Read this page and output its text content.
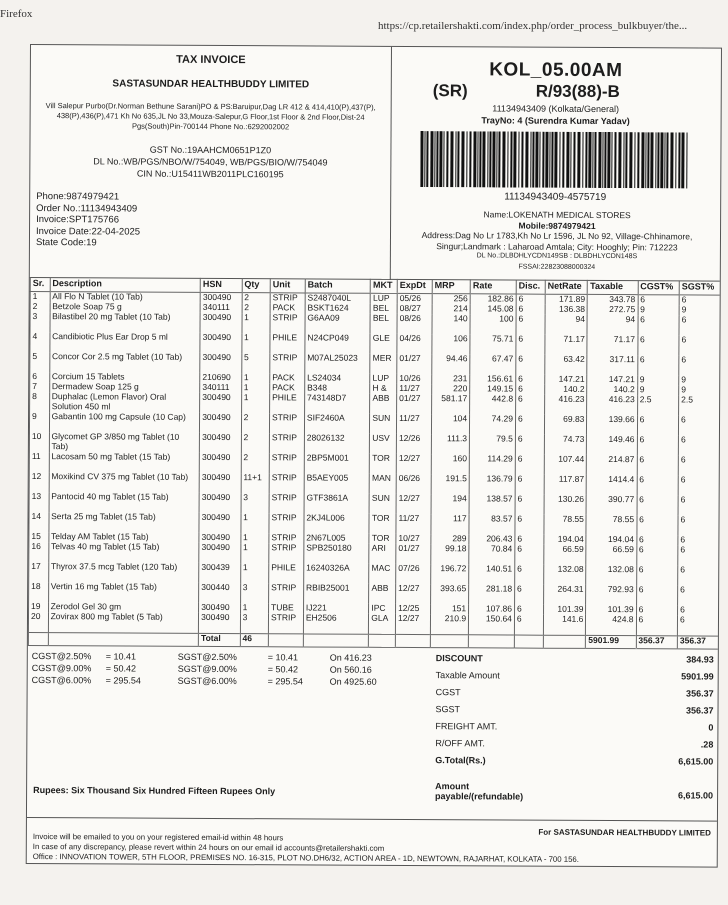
Firefox
https://cp.retailershakti.com/index.php/order_process_bulkbuyer/the...
TAX INVOICE
SASTASUNDAR HEALTHBUDDY LIMITED
Vill Salepur Purbo(Dr.Norman Bethune Sarani)PO & PS:Baruipur,Dag LR 412 & 414,410(P),437(P), 438(P),436(P),471 Kh No 635,JL No 33,Mouza-Salepur,G Floor,1st Floor & 2nd Floor,Dist-24 Pgs(South)Pin-700144 Phone No.:6292002002
GST No.:19AAHCM0651P1Z0
DL No.:WB/PGS/NBO/W/754049, WB/PGS/BIO/W/754049
CIN No.:U15411WB2011PLC160195
Phone:9874979421
Order No.:11134943409
Invoice:SPT175766
Invoice Date:22-04-2025
State Code:19
KOL_05.00AM
(SR)	R/93(88)-B
11134943409 (Kolkata/General)
TrayNo: 4 (Surendra Kumar Yadav)
11134943409-4575719
Name:LOKENATH MEDICAL STORES
Mobile:9874979421
Address:Dag No Lr 1783,Kh No Lr 1596, JL No 92, Village-Chhinamore, Singur;Landmark : Laharoad Amtala; City: Hooghly; Pin: 712223
DL No.:DLBDHLYCDN149SB : DLBDHLYCDN148S
FSSAI:22823088000324
Sr.	Description	HSN	Qty	Unit	Batch	MKT	ExpDt	MRP	Rate	Disc.	NetRate	Taxable	CGST%	SGST%
1	All Flo N Tablet (10 Tab)	300490	2	STRIP	S2487040L	LUP	05/26	256	182.86	6	171.89	343.78	6	6
2	Betzole Soap 75 g	340111	2	PACK	BSKT1624	BEL	08/27	214	145.08	6	136.38	272.75	9	9
3	Bilastibel 20 mg Tablet (10 Tab)	300490	1	STRIP	G6AA09	BEL	08/26	140	100	6	94	94	6	6
4	Candibiotic Plus Ear Drop 5 ml	300490	1	PHILE	N24CP049	GLE	04/26	106	75.71	6	71.17	71.17	6	6
5	Concor Cor 2.5 mg Tablet (10 Tab)	300490	5	STRIP	M07AL25023	MER	01/27	94.46	67.47	6	63.42	317.11	6	6
6	Corcium 15 Tablets	210690	1	PACK	LS24034	LUP	10/26	231	156.61	6	147.21	147.21	9	9
7	Dermadew Soap 125 g	340111	1	PACK	B348	H &	11/27	220	149.15	6	140.2	140.2	9	9
8	Duphalac (Lemon Flavor) Oral Solution 450 ml	300490	1	PHILE	743148D7	ABB	01/27	581.17	442.8	6	416.23	416.23	2.5	2.5
9	Gabantin 100 mg Capsule (10 Cap)	300490	2	STRIP	SIF2460A	SUN	11/27	104	74.29	6	69.83	139.66	6	6
10	Glycomet GP 3/850 mg Tablet (10 Tab)	300490	2	STRIP	28026132	USV	12/26	111.3	79.5	6	74.73	149.46	6	6
11	Lacosam 50 mg Tablet (15 Tab)	300490	2	STRIP	2BP5M001	TOR	12/27	160	114.29	6	107.44	214.87	6	6
12	Moxikind CV 375 mg Tablet (10 Tab)	300490	11+1	STRIP	B5AEY005	MAN	06/26	191.5	136.79	6	117.87	1414.4	6	6
13	Pantocid 40 mg Tablet (15 Tab)	300490	3	STRIP	GTF3861A	SUN	12/27	194	138.57	6	130.26	390.77	6	6
14	Serta 25 mg Tablet (15 Tab)	300490	1	STRIP	2KJ4L006	TOR	11/27	117	83.57	6	78.55	78.55	6	6
15	Telday AM Tablet (15 Tab)	300490	1	STRIP	2N67L005	TOR	10/27	289	206.43	6	194.04	194.04	6	6
16	Telvas 40 mg Tablet (15 Tab)	300490	1	STRIP	SPB250180	ARI	01/27	99.18	70.84	6	66.59	66.59	6	6
17	Thyrox 37.5 mcg Tablet (120 Tab)	300439	1	PHILE	16240326A	MAC	07/26	196.72	140.51	6	132.08	132.08	6	6
18	Vertin 16 mg Tablet (15 Tab)	300440	3	STRIP	RBIB25001	ABB	12/27	393.65	281.18	6	264.31	792.93	6	6
19	Zerodol Gel 30 gm	300490	1	TUBE	IJ221	IPC	12/25	151	107.86	6	101.39	101.39	6	6
20	Zovirax 800 mg Tablet (5 Tab)	300490	3	STRIP	EH2506	GLA	12/27	210.9	150.64	6	141.6	424.8	6	6
		Total	46									5901.99	356.37	356.37
CGST@2.50% = 10.41	SGST@2.50%	= 10.41	On 416.23
CGST@9.00% = 50.42	SGST@9.00%	= 50.42	On 560.16
CGST@6.00% = 295.54	SGST@6.00%	= 295.54	On 4925.60
Rupees: Six Thousand Six Hundred Fifteen Rupees Only
DISCOUNT	384.93
Taxable Amount	5901.99
CGST	356.37
SGST	356.37
FREIGHT AMT.	0
R/OFF AMT.	.28
G.Total(Rs.)	6,615.00
Amount
payable/(refundable)	6,615.00
For SASTASUNDAR HEALTHBUDDY LIMITED
Invoice will be emailed to you on your registered email-id within 48 hours
In case of any discrepancy, please revert within 24 hours on our email id accounts@retailershakti.com
Office : INNOVATION TOWER, 5TH FLOOR, PREMISES NO. 16-315, PLOT NO.DH6/32, ACTION AREA - 1D, NEWTOWN, RAJARHAT, KOLKATA - 700 156.
